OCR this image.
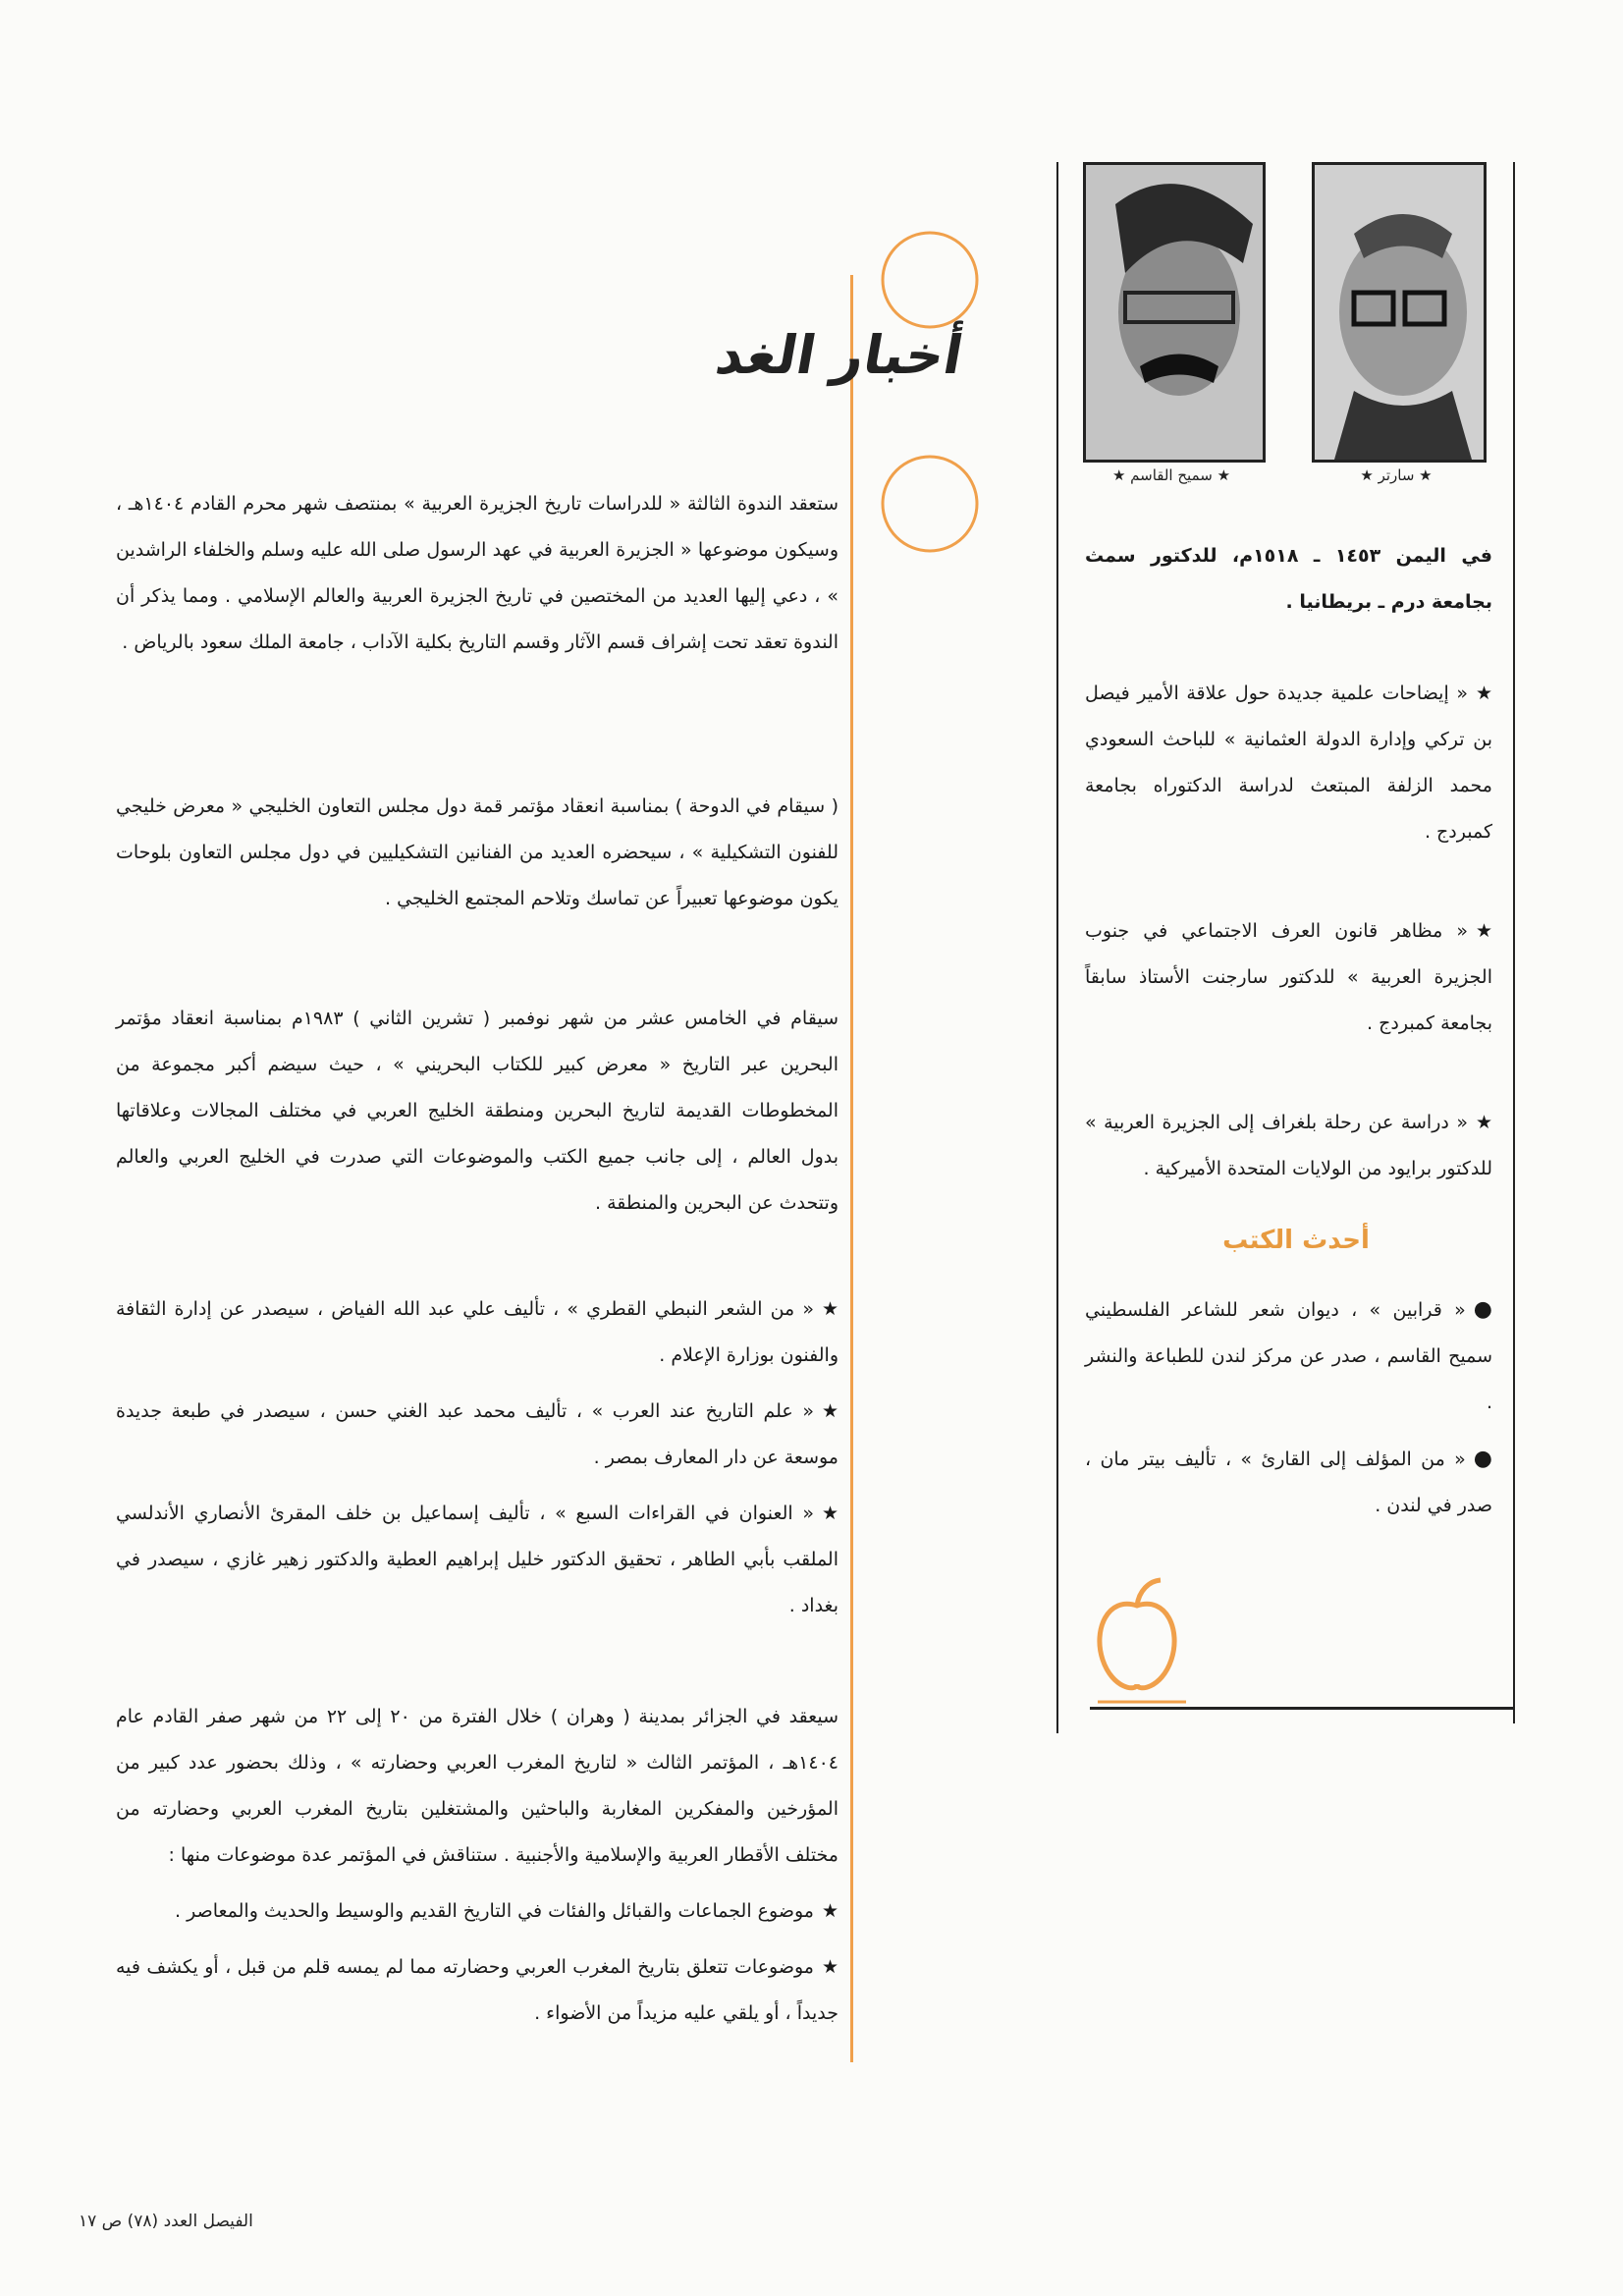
أخبار الغد
★ سميح القاسم ★	★ سارتر ★

في اليمن ١٤٥٣ ـ ١٥١٨م، للدكتور سمث بجامعة درم ـ بريطانيا .

★« إيضاحات علمية جديدة حول علاقة الأمير فيصل بن تركي وإدارة الدولة العثمانية » للباحث السعودي محمد الزلفة المبتعث لدراسة الدكتوراه بجامعة كمبردج .

★« مظاهر قانون العرف الاجتماعي في جنوب الجزيرة العربية » للدكتور سارجنت الأستاذ سابقاً بجامعة كمبردج .

★« دراسة عن رحلة بلغراف إلى الجزيرة العربية » للدكتور برايود من الولايات المتحدة الأميركية .

أحدث الكتب

●« قرابين » ، ديوان شعر للشاعر الفلسطيني سميح القاسم ، صدر عن مركز لندن للطباعة والنشر .

●« من المؤلف إلى القارئ » ، تأليف بيتر مان ، صدر في لندن .

ستعقد الندوة الثالثة « للدراسات تاريخ الجزيرة العربية » بمنتصف شهر محرم القادم ١٤٠٤هـ ، وسيكون موضوعها « الجزيرة العربية في عهد الرسول صلى الله عليه وسلم والخلفاء الراشدين » ، دعي إليها العديد من المختصين في تاريخ الجزيرة العربية والعالم الإسلامي . ومما يذكر أن الندوة تعقد تحت إشراف قسم الآثار وقسم التاريخ بكلية الآداب ، جامعة الملك سعود بالرياض .

( سيقام في الدوحة ) بمناسبة انعقاد مؤتمر قمة دول مجلس التعاون الخليجي « معرض خليجي للفنون التشكيلية » ، سيحضره العديد من الفنانين التشكيليين في دول مجلس التعاون بلوحات يكون موضوعها تعبيراً عن تماسك وتلاحم المجتمع الخليجي .

سيقام في الخامس عشر من شهر نوفمبر ( تشرين الثاني ) ١٩٨٣م بمناسبة انعقاد مؤتمر البحرين عبر التاريخ « معرض كبير للكتاب البحريني » ، حيث سيضم أكبر مجموعة من المخطوطات القديمة لتاريخ البحرين ومنطقة الخليج العربي في مختلف المجالات وعلاقاتها بدول العالم ، إلى جانب جميع الكتب والموضوعات التي صدرت في الخليج العربي والعالم وتتحدث عن البحرين والمنطقة .

★« من الشعر النبطي القطري » ، تأليف علي عبد الله الفياض ، سيصدر عن إدارة الثقافة والفنون بوزارة الإعلام .

★« علم التاريخ عند العرب » ، تأليف محمد عبد الغني حسن ، سيصدر في طبعة جديدة موسعة عن دار المعارف بمصر .

★« العنوان في القراءات السبع » ، تأليف إسماعيل بن خلف المقرئ الأنصاري الأندلسي الملقب بأبي الطاهر ، تحقيق الدكتور خليل إبراهيم العطية والدكتور زهير غازي ، سيصدر في بغداد .

سيعقد في الجزائر بمدينة ( وهران ) خلال الفترة من ٢٠ إلى ٢٢ من شهر صفر القادم عام ١٤٠٤هـ ، المؤتمر الثالث « لتاريخ المغرب العربي وحضارته » ، وذلك بحضور عدد كبير من المؤرخين والمفكرين المغاربة والباحثين والمشتغلين بتاريخ المغرب العربي وحضارته من مختلف الأقطار العربية والإسلامية والأجنبية . ستناقش في المؤتمر عدة موضوعات منها :

★موضوع الجماعات والقبائل والفئات في التاريخ القديم والوسيط والحديث والمعاصر .

★موضوعات تتعلق بتاريخ المغرب العربي وحضارته مما لم يمسه قلم من قبل ، أو يكشف فيه جديداً ، أو يلقي عليه مزيداً من الأضواء .

الفيصل العدد (٧٨) ص ١٧
